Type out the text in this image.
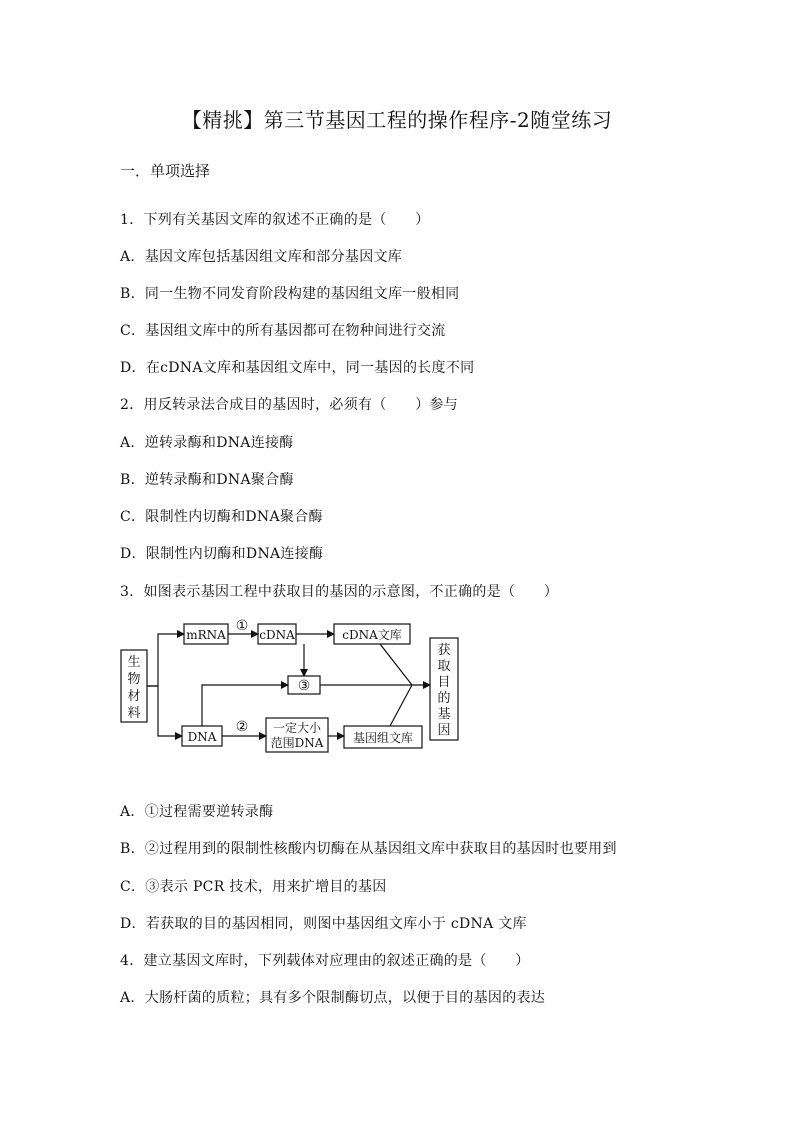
【精挑】第三节基因工程的操作程序-2随堂练习
一．单项选择
1．下列有关基因文库的叙述不正确的是（　　）
A．基因文库包括基因组文库和部分基因文库
B．同一生物不同发育阶段构建的基因组文库一般相同
C．基因组文库中的所有基因都可在物种间进行交流
D．在cDNA文库和基因组文库中，同一基因的长度不同
2．用反转录法合成目的基因时，必须有（　　）参与
A．逆转录酶和DNA连接酶
B．逆转录酶和DNA聚合酶
C．限制性内切酶和DNA聚合酶
D．限制性内切酶和DNA连接酶
3．如图表示基因工程中获取目的基因的示意图，不正确的是（　　）
生
物
材
料
mRNA
①
cDNA	cDNA文库
③
DNA
② 一定大小
范围DNA 基因组文库
获
取
目
的
基
因
A．①过程需要逆转录酶
B．②过程用到的限制性核酸内切酶在从基因组文库中获取目的基因时也要用到
C．③表示 PCR 技术，用来扩增目的基因
D．若获取的目的基因相同，则图中基因组文库小于 cDNA 文库
4．建立基因文库时，下列载体对应理由的叙述正确的是（　　）
A．大肠杆菌的质粒；具有多个限制酶切点，以便于目的基因的表达
